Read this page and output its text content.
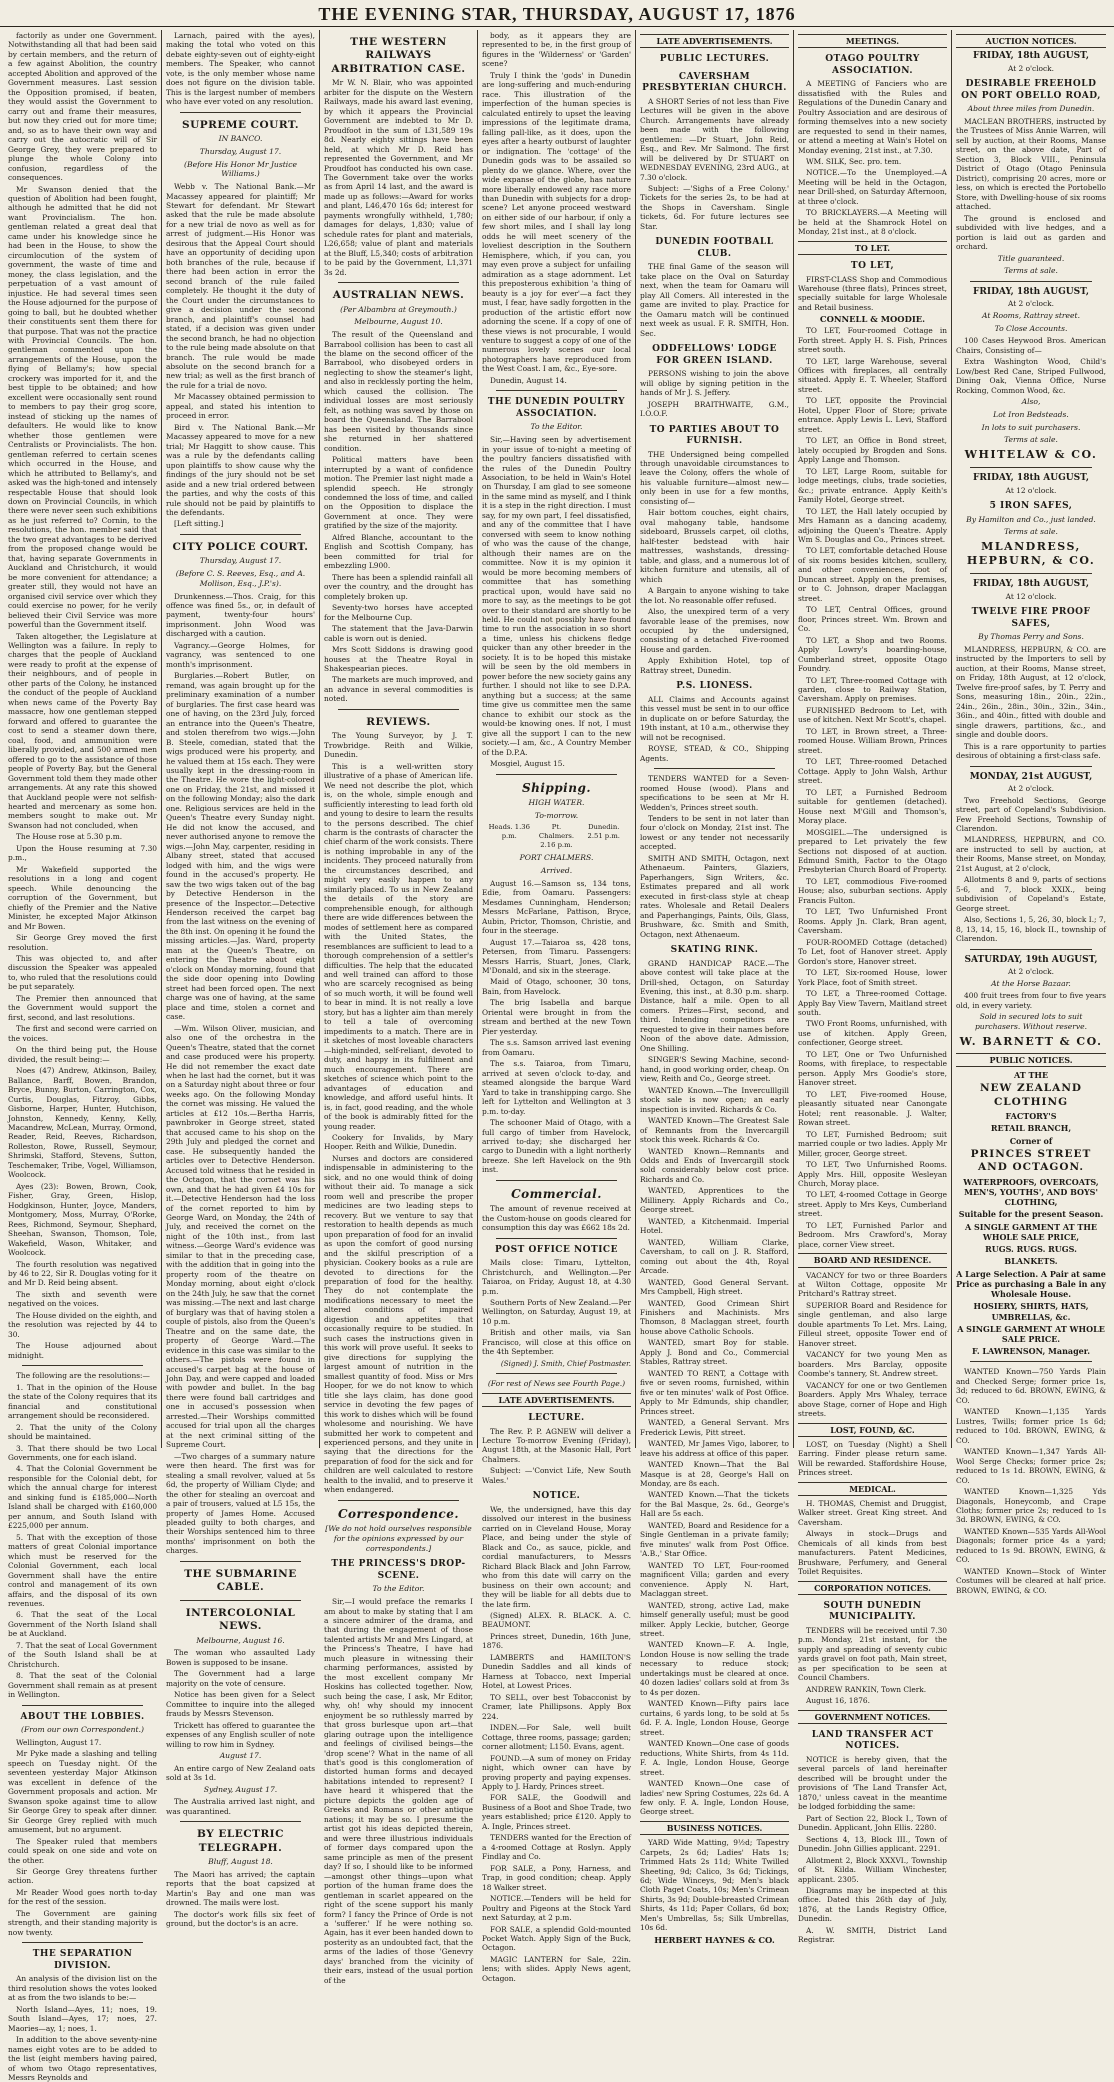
THE EVENING STAR, THURSDAY, AUGUST 17, 1876
factorily as under one Government. Notwithstanding all that had been said by certain members, and the return of a few against Abolition, the country accepted Abolition and approved of the Government measures. Last session the Opposition promised, if beaten, they would assist the Government to carry out and frame their measures, but now they cried out for more time; and, so as to have their own way and carry out the autocratic will of Sir George Grey, they were prepared to plunge the whole Colony into confusion, regardless of the consequences.
Mr Swanson denied that the question of Abolition had been fought, although he admitted that he did not want Provincialism. The hon. gentleman related a great deal that came under his knowledge since he had been in the House, to show the circumlocution of the system of government, the waste of time and money, the class legislation, and the perpetuation of a vast amount of injustice. He had several times seen the House adjourned for the purpose of going to ball, but he doubted whether their constituents sent them there for that purpose. That was not the practice with Provincial Councils. The hon. gentleman commented upon the arrangements of the House, upon the flying of Bellamy's; how special crockery was imported for it, and the best tipple to be obtained; and how excellent were occasionally sent round to members to pay their grog score, instead of sticking up the names of defaulters. He would like to know whether those gentlemen were Centralists or Provincialists. The hon. gentleman referred to certain scenes which occurred in the House, and which he attributed to Bellamy's, and asked was the high-toned and intensely respectable House that should look down on Provincial Councils, in which there were never seen such exhibitions as he just referred to? Cornin, to the resolutions, the hon. member said that the two great advantages to be derived from the proposed change would be that, having separate Governments in Auckland and Christchurch, it would be more convenient for attendance; a greater still, they would not have an organised civil service over which they could exercise no power, for he verily believed their Civil Service was more powerful than the Government itself.
Taken altogether, the Legislature at Wellington was a failure. In reply to charges that the people of Auckland were ready to profit at the expense of their neighbours, and of people in other parts of the Colony, he instanced the conduct of the people of Auckland when news came of the Poverty Bay massacre, how one gentleman stepped forward and offered to guarantee the cost to send a steamer down there, coal, food, and ammunition were liberally provided, and 500 armed men offered to go to the assistance of those people of Poverty Bay, but the General Government told them they made other arrangements. At any rate this showed that Auckland people were not selfish-hearted and mercenary as some hon. members sought to make out. Mr Swanson had not concluded, when
The House rose at 5.30 p.m.
Upon the House resuming at 7.30 p.m.,
Mr Wakefield supported the resolutions in a long and cogent speech. While denouncing the corruption of the Government, but chiefly of the Premier and the Native Minister, he excepted Major Atkinson and Mr Bowen.
Sir George Grey moved the first resolution.
This was objected to, and after discussion the Speaker was appealed to, who ruled that the resolutions could be put separately.
The Premier then announced that the Government would support the first, second, and last resolutions.
The first and second were carried on the voices.
On the third being put, the House divided, the result being:—
Noes (47) Andrew, Atkinson, Bailey, Ballance, Barff, Bowen, Brandon, Bryce, Bunny, Burton, Carrington, Cox, Curtis, Douglas, Fitzroy, Gibbs, Gisborne, Harper, Hunter, Hutchison, Johnston, Kennedy, Kenny, Kelly, Macandrew, McLean, Murray, Ormond, Reader, Reid, Reeves, Richardson, Rolleston, Rowe, Russell, Seymour, Shrimski, Stafford, Stevens, Sutton, Teschemaker, Tribe, Vogel, Williamson, Woolcock.
Ayes (23): Bowen, Brown, Cook, Fisher, Gray, Green, Hislop, Hodgkinson, Hunter, Joyce, Manders, Montgomery, Moss, Murray, O'Rorke, Rees, Richmond, Seymour, Shephard, Sheehan, Swanson, Thomson, Tole, Wakefield, Wason, Whitaker, and Woolcock.
The fourth resolution was negatived by 46 to 22, Sir R. Douglas voting for it and Mr D. Reid being absent.
The sixth and seventh were negatived on the voices.
The House divided on the eighth, and the resolution was rejected by 44 to 30.
The House adjourned about midnight.
The following are the resolutions:—
1. That in the opinion of the House the state of the Colony requires that its financial and constitutional arrangement should be reconsidered.
2. That the unity of the Colony should be maintained.
3. That there should be two Local Governments, one for each island.
4. That the Colonial Government be responsible for the Colonial debt, for which the annual charge for interest and sinking fund is £185,000—North Island shall be charged with £160,000 per annum, and South Island with £225,000 per annum.
5. That with the exception of those matters of great Colonial importance which must be reserved for the Colonial Government, each local Government shall have the entire control and management of its own affairs, and the disposal of its own revenues.
6. That the seat of the Local Government of the North Island shall be at Auckland.
7. That the seat of Local Government of the South Island shall be at Christchurch.
8. That the seat of the Colonial Government shall remain as at present in Wellington.
ABOUT THE LOBBIES.
(From our own Correspondent.)
Wellington, August 17.
Mr Pyke made a slashing and telling speech on Tuesday night. Of the seventeen yesterday Major Atkinson was excellent in defence of the Government proposals and action. Mr Swanson spoke against time to allow Sir George Grey to speak after dinner. Sir George Grey replied with much amusement, but no argument.
The Speaker ruled that members could speak on one side and vote on the other.
Sir George Grey threatens further action.
Mr Reader Wood goes north to-day for the rest of the session.
The Government are gaining strength, and their standing majority is now twenty.
THE SEPARATION DIVISION.
An analysis of the division list on the third resolution shows the votes looked at as from the two islands to be:—
North Island—Ayes, 11; noes, 19. South Island—Ayes, 17; noes, 27. Maories—ay, 1; noes, 1.
In addition to the above seventy-nine names eight votes are to be added to the list (eight members having paired, of whom two Otago representatives, Messrs Reynolds and
Larnach, paired with the ayes), making the total who voted on this debate eighty-seven out of eighty-eight members. The Speaker, who cannot vote, is the only member whose name does not figure on the division table. This is the largest number of members who have ever voted on any resolution.
SUPREME COURT.
IN BANCO.
Thursday, August 17.
(Before His Honor Mr Justice Williams.)
Webb v. The National Bank.—Mr Macassey appeared for plaintiff; Mr Stewart for defendant. Mr Stewart asked that the rule be made absolute for a new trial de novo as well as for arrest of judgment.—His Honor was desirous that the Appeal Court should have an opportunity of deciding upon both branches of the rule, because if there had been action in error the second branch of the rule failed completely. He thought it the duty of the Court under the circumstances to give a decision under the second branch, and plaintiff's counsel had stated, if a decision was given under the second branch, he had no objection to the rule being made absolute on that branch. The rule would be made absolute on the second branch for a new trial; as well as the first branch of the rule for a trial de novo.
Mr Macassey obtained permission to appeal, and stated his intention to proceed in error.
Bird v. The National Bank.—Mr Macassey appeared to move for a new trial; Mr Haggitt to show cause. This was a rule by the defendants calling upon plaintiffs to show cause why the findings of the jury should not be set aside and a new trial ordered between the parties, and why the costs of this rule should not be paid by plaintiffs to the defendants.
[Left sitting.]
CITY POLICE COURT.
Thursday, August 17.
(Before C. S. Reeves, Esq., and A. Mollison, Esq., J.P.'s).
Drunkenness.—Thos. Craig, for this offence was fined 5s., or, in default of payment, twenty-four hours' imprisonment. John Wood was discharged with a caution.
Vagrancy.—George Holmes, for vagrancy, was sentenced to one month's imprisonment.
Burglaries.—Robert Butler, on remand, was again brought up for the preliminary examination of a number of burglaries. The first case heard was one of having, on the 23rd July, forced an entrance into the Queen's Theatre, and stolen therefrom two wigs.—John B. Steele, comedian, stated that the wigs produced were his property, and he valued them at 15s each. They were usually kept in the dressing-room in the Theatre. He wore the light-colored one on Friday, the 21st, and missed it on the following Monday; also the dark one. Religious services are held in the Queen's Theatre every Sunday night. He did not know the accused, and never authorised anyone to remove the wigs.—John May, carpenter, residing in Albany street, stated that accused lodged with him, and the wigs were found in the accused's property. He saw the two wigs taken out of the bag by Detective Henderson in the presence of the Inspector.—Detective Henderson received the carpet bag from the last witness on the evening of the 8th inst. On opening it he found the missing articles.—Jas. Ward, property man at the Queen's Theatre, on entering the Theatre about eight o'clock on Monday morning, found that the side door opening into Dowling street had been forced open. The next charge was one of having, at the same place and time, stolen a cornet and case.
—Wm. Wilson Oliver, musician, and also one of the orchestra in the Queen's Theatre, stated that the cornet and case produced were his property. He did not remember the exact date when he last had the cornet, but it was on a Saturday night about three or four weeks ago. On the following Monday the cornet was missing. He valued the articles at £12 10s.—Bertha Harris, pawnbroker in George street, stated that accused came to his shop on the 29th July and pledged the cornet and case. He subsequently handed the articles over to Detective Henderson. Accused told witness that he resided in the Octagon, that the cornet was his own, and that he had given £4 10s for it.—Detective Henderson had the loss of the cornet reported to him by George Ward, on Monday, the 24th of July, and received the cornet on the night of the 10th inst., from last witness.—George Ward's evidence was similar to that in the preceding case, with the addition that in going into the property room of the theatre on Monday morning, about eight o'clock on the 24th July, he saw that the cornet was missing.—The next and last charge of burglary was that of having stolen a couple of pistols, also from the Queen's Theatre and on the same date, the property of George Ward.—The evidence in this case was similar to the others.—The pistols were found in accused's carpet bag at the house of John Day, and were capped and loaded with powder and bullet. In the bag there were found ball cartridges and one in accused's possession when arrested.—Their Worships committed accused for trial upon all the charges at the next criminal sitting of the Supreme Court.
—Two charges of a summary nature were then heard. The first was for stealing a small revolver, valued at 5s 6d, the property of William Clyde; and the other for stealing an overcoat and a pair of trousers, valued at L5 15s, the property of James Home. Accused pleaded guilty to both charges, and their Worships sentenced him to three months' imprisonment on both the charges.
THE SUBMARINE CABLE.
INTERCOLONIAL NEWS.
Melbourne, August 16.
The woman who assaulted Lady Bowen is supposed to be insane.
The Government had a large majority on the vote of censure.
Notice has been given for a Select Committee to inquire into the alleged frauds by Messrs Stevenson.
Trickett has offered to guarantee the expenses of any English sculler of note willing to row him in Sydney.
August 17.
An entire cargo of New Zealand oats sold at 3s 1d.
Sydney, August 17.
The Australia arrived last night, and was quarantined.
BY ELECTRIC TELEGRAPH.
Bluff, August 18.
The Maori has arrived; the captain reports that the boat capsized at Martin's Bay and one man was drowned. The mails were lost.
The doctor's work fills six feet of ground, but the doctor's is an acre.
THE WESTERN RAILWAYS ARBITRATION CASE.
Mr W. N. Blair, who was appointed arbiter for the dispute on the Western Railways, made his award last evening, by which it appears the Provincial Government are indebted to Mr D. Proudfoot in the sum of L31,589 19s 8d. Nearly eighty sittings have been held, at which Mr D. Reid has represented the Government, and Mr Proudfoot has conducted his own case. The Government take over the works as from April 14 last, and the award is made up as follows:—Award for works and plant, L46,470 16s 6d; interest for payments wrongfully withheld, 1,780; damages for delays, 1,830; value of schedule rates for plant and materials, L26,658; value of plant and materials at the Bluff, L5,340; costs of arbitration to be paid by the Government, L1,371 3s 2d.
AUSTRALIAN NEWS.
(Per Albambra at Greymouth.)
Melbourne, August 10.
The result of the Queensland and Barrabool collision has been to cast all the blame on the second officer of the Barrabool, who disobeyed orders in neglecting to show the steamer's light, and also in recklessly porting the helm, which caused the collision. The individual losses are most seriously felt, as nothing was saved by those on board the Queensland. The Barrabool has been visited by thousands since she returned in her shattered condition.
Political matters have been interrupted by a want of confidence motion. The Premier last night made a splendid speech. He strongly condemned the loss of time, and called on the Opposition to displace the Government at once. They were gratified by the size of the majority.
Alfred Blanche, accountant to the English and Scottish Company, has been committed for trial for embezzling L900.
There has been a splendid rainfall all over the country, and the drought has completely broken up.
Seventy-two horses have accepted for the Melbourne Cup.
The statement that the Java-Darwin cable is worn out is denied.
Mrs Scott Siddons is drawing good houses at the Theatre Royal in Shakespearian pieces.
The markets are much improved, and an advance in several commodities is noted.
REVIEWS.
The Young Surveyor, by J. T. Trowbridge. Reith and Wilkie, Dunedin.
This is a well-written story illustrative of a phase of American life. We need not describe the plot, which is, on the whole, simple enough and sufficiently interesting to lead forth old and young to desire to learn the results to the persons described. The chief charm is the contrasts of character the chief charm of the work consists. There is nothing improbable in any of the incidents. They proceed naturally from the circumstances described, and might very easily happen to any similarly placed. To us in New Zealand the details of the story are comprehensible enough, for although there are wide differences between the modes of settlement here as compared with the United States, the resemblances are sufficient to lead to a thorough comprehension of a settler's difficulties. The help that the educated and well trained can afford to those who are scarcely recognised as being of so much worth, it will be found well to bear in mind. It is not really a love story, but has a lighter aim than merely to tell a tale of overcoming impediments to a match. There are in it sketches of most loveable characters—high-minded, self-reliant, devoted to duty, and happy in its fulfilment and much encouragement. There are sketches of science which point to the advantages of education and knowledge, and afford useful hints. It is, in fact, good reading, and the whole of the book is admirably fitted for the young reader.
Cookery for Invalids, by Mary Hooper. Reith and Wilkie, Dunedin.
Nurses and doctors are considered indispensable in administering to the sick, and no one would think of doing without their aid. To manage a sick room well and prescribe the proper medicines are two leading steps to recovery. But we venture to say that restoration to health depends as much upon preparation of food for an invalid as upon the comfort of good nursing and the skilful prescription of a physician. Cookery books as a rule are devoted to directions for the preparation of food for the healthy. They do not contemplate the modifications necessary to meet the altered conditions of impaired digestion and appetites that occasionally require to be studied. In such cases the instructions given in this work will prove useful. It seeks to give directions for supplying the largest amount of nutrition in the smallest quantity of food. Miss or Mrs Hooper, for we do not know to which title she lays claim, has done good service in devoting the few pages of this work to dishes which will be found wholesome and nourishing. We have submitted her work to competent and experienced persons, and they unite in saying that the directions for the preparation of food for the sick and for children are well calculated to restore health to the invalid, and to preserve it when endangered.
Correspondence.
[We do not hold ourselves responsible for the opinions expressed by our correspondents.]
THE PRINCESS'S DROP-SCENE.
To the Editor.
Sir,—I would preface the remarks I am about to make by stating that I am a sincere admirer of the drama, and that during the engagement of those talented artists Mr and Mrs Lingard, at the Princess's Theatre, I have had much pleasure in witnessing their charming performances, assisted by the most excellent company Mr Hoskins has collected together. Now, such being the case, I ask, Mr Editor, why, oh! why should my innocent enjoyment be so ruthlessly marred by that gross burlesque upon art—that glaring outrage upon the intelligence and feelings of civilised beings—the 'drop scene'? What in the name of all that's good is this conglomeration of distorted human forms and decayed habitations intended to represent? I have heard it whispered that the picture depicts the golden age of Greeks and Romans or other antique nations; it may be so. I presume the artist got his ideas depicted therein, and were three illustrious individuals of former days compared upon the same principle as men of the present day? If so, I should like to be informed—amongst other things—upon what portion of the human frame does the gentleman in scarlet appeared on the right of the scene support his manly form? I fancy the Prince of Orde is not a 'sufferer.' If he were nothing so. Again, has it ever been handed down to posterity as an undoubted fact, that the arms of the ladies of those 'Genevry days' branched from the vicinity of their ears, instead of the usual portion of the
body, as it appears they are represented to be, in the first group of figures in the 'Wilderness' or 'Garden' scene?
Truly I think the 'gods' in Dunedin are long-suffering and much-enduring race. This illustration of the imperfection of the human species is calculated entirely to upset the leaving impressions of the legitimate drama, falling pall-like, as it does, upon the eyes after a hearty outburst of laughter or indignation. The 'cottage' of the Dunedin gods was to be assailed so plenty do we glance. Where, over the wide expanse of the globe, has nature more liberally endowed any race more than Dunedin with subjects for a drop-scene? Let anyone proceed westward on either side of our harbour, if only a few short miles, and I shall lay long odds he will meet scenery of the loveliest description in the Southern Hemisphere, which, if you can, you may even prove a subject for unfailing admiration as a stage adornment. Let this preposterous exhibition 'a thing of beauty is a joy for ever'—a fact they must, I fear, have sadly forgotten in the production of the artistic effort now adorning the scene. If a copy of one of these views is not procurable, I would venture to suggest a copy of one of the numerous lovely scenes our local photographers have reproduced from the West Coast. I am, &c., Eye-sore.
Dunedin, August 14.
THE DUNEDIN POULTRY ASSOCIATION.
To the Editor.
Sir,—Having seen by advertisement in your issue of to-night a meeting of the poultry fanciers dissatisfied with the rules of the Dunedin Poultry Association, to be held in Wain's Hotel on Thursday, I am glad to see someone in the same mind as myself, and I think it is a step in the right direction. I must say, for my own part, I feel dissatisfied, and any of the committee that I have conversed with seem to know nothing of who was the cause of the change, although their names are on the committee. Now it is my opinion it would be more becoming members of committee that has something practical upon, would have said no more to say, as the meetings to be got over to their standard are shortly to be held. He could not possibly have found time to run the association in so short a time, unless his chickens fledge quicker than any other breeder in the society. It is to be hoped this mistake will be seen by the old members in power before the new society gains any further. I should not like to see D.P.A. anything but a success; at the same time give us committee men the same chance to exhibit our stock as the would-be knowing ones. If not, I must give all the support I can to the new society.—I am, &c., A Country Member of the D.P.A.
Mosgiel, August 15.
Shipping.
HIGH WATER.
To-morrow.
Heads. 1.36 p.m.
Pt. Chalmers. 2.16 p.m.
Dunedin. 2.51 p.m.
PORT CHALMERS.
Arrived.
August 16.—Samson ss, 134 tons, Edie, from Oamaru. Passengers: Mesdames Cunningham, Henderson; Messrs McFarlane, Pattison, Bryce, Aubin, Prictor, Thomson, Christie, and four in the steerage.
August 17.—Taiaroa ss, 428 tons, Petersen, from Timaru. Passengers: Messrs Harris, Stuart, Jones, Clark, M'Donald, and six in the steerage.
Maid of Otago, schooner, 30 tons, Bain, from Havelock.
The brig Isabella and barque Oriental were brought in from the stream and berthed at the new Town Pier yesterday.
The s.s. Samson arrived last evening from Oamaru.
The s.s. Taiaroa, from Timaru, arrived at seven o'clock to-day, and steamed alongside the barque Ward Yard to take in transhipping cargo. She left for Lyttelton and Wellington at 3 p.m. to-day.
The schooner Maid of Otago, with a full cargo of timber from Havelock, arrived to-day; she discharged her cargo to Dunedin with a light northerly breeze. She left Havelock on the 9th inst.
Commercial.
The amount of revenue received at the Custom-house on goods cleared for consumption this day was £662 18s 2d.
POST OFFICE NOTICE
Mails close: Timaru, Lyttelton, Christchurch, and Wellington.—Per Taiaroa, on Friday, August 18, at 4.30 p.m.
Southern Ports of New Zealand.—Per Wellington, on Saturday, August 19, at 10 p.m.
British and other mails, via San Francisco, will close at this office on the 4th September.
(Signed) J. Smith, Chief Postmaster.
(For rest of News see Fourth Page.)
LATE ADVERTISEMENTS.
LECTURE.
The Rev. P. P. AGNEW will deliver a Lecture To-morrow Evening (Friday), August 18th, at the Masonic Hall, Port Chalmers.
Subject: —'Convict Life, New South Wales.'
NOTICE.
We, the undersigned, have this day dissolved our interest in the business carried on in Cleveland House, Moray Place, and being under the style of Black and Co., as sauce, pickle, and cordial manufacturers, to Messrs Richard Black Black and John Farrow, who from this date will carry on the business on their own account; and they will be liable for all debts due to the late firm.
(Signed) ALEX. R. BLACK. A. C. BEAUMONT.
Princes street, Dunedin, 16th June, 1876.
LAMBERTS and HAMILTON'S Dunedin Saddles and all kinds of Harness at Tobacco, next Imperial Hotel, at Lowest Prices.
TO SELL, over best Tobacconist by Cramer, late Phillipsons. Apply Box 224.
INDEN.—For Sale, well built Cottage, three rooms, passage; garden; corner allotment; L150. Evans, agent.
FOUND.—A sum of money on Friday night, which owner can have by proving property and paying expenses. Apply to J. Hardy, Princes street.
FOR SALE, the Goodwill and Business of a Boot and Shoe Trade, two years established; price £120. Apply to A. Ingle, Princes street.
TENDERS wanted for the Erection of a 4-roomed Cottage at Roslyn. Apply Findlay and Co.
FOR SALE, a Pony, Harness, and Trap, in good condition; cheap. Apply 18 Walker street.
NOTICE.—Tenders will be held for Poultry and Pigeons at the Stock Yard next Saturday, at 2 p.m.
FOR SALE, a splendid Gold-mounted Pocket Watch. Apply Sign of the Buck, Octagon.
MAGIC LANTERN for Sale, 22in. lens; with slides. Apply News agent, Octagon.
LATE ADVERTISEMENTS.
PUBLIC LECTURES.
CAVERSHAM PRESBYTERIAN CHURCH.
A SHORT Series of not less than Five Lectures will be given in the above Church. Arrangements have already been made with the following gentlemen: —Dr Stuart, John Reid, Esq., and Rev. Mr Salmond. The first will be delivered by Dr STUART on WEDNESDAY EVENING, 23rd AUG., at 7.30 o'clock.
Subject: —'Sighs of a Free Colony.' Tickets for the series 2s, to be had at the Shops in Caversham. Single tickets, 6d. For future lectures see Star.
DUNEDIN FOOTBALL CLUB.
THE final Game of the season will take place on the Oval on Saturday next, when the team for Oamaru will play All Comers. All interested in the game are invited to play. Practice for the Oamaru match will be continued next week as usual. F. R. SMITH, Hon. Sec.
ODDFELLOWS' LODGE FOR GREEN ISLAND.
PERSONS wishing to join the above will oblige by signing petition in the hands of Mr J. S. Jeffery.
JOSEPH BRAITHWAITE, G.M., I.O.O.F.
TO PARTIES ABOUT TO FURNISH.
THE Undersigned being compelled through unavoidable circumstances to leave the Colony, offers the whole of his valuable furniture—almost new—only been in use for a few months, consisting of—
Hair bottom couches, eight chairs, oval mahogany table, handsome sideboard, Brussels carpet, oil cloths, half-tester bedstead with hair mattresses, washstands, dressing-table, and glass, and a numerous lot of kitchen furniture and utensils, all of which
A Bargain to anyone wishing to take the lot. No reasonable offer refused.
Also, the unexpired term of a very favorable lease of the premises, now occupied by the undersigned, consisting of a detached Five-roomed House and garden.
Apply Exhibition Hotel, top of Rattray street, Dunedin.
P.S. LIONESS.
ALL Claims and Accounts against this vessel must be sent in to our office in duplicate on or before Saturday, the 19th instant, at 10 a.m., otherwise they will not be recognised.
ROYSE, STEAD, & CO., Shipping Agents.
TENDERS WANTED for a Seven-roomed House (wood). Plans and specifications to be seen at Mr H. Wedden's, Princes street south.
Tenders to be sent in not later than four o'clock on Monday, 21st inst. The lowest or any tender not necessarily accepted.
SMITH AND SMITH, Octagon, next Athenaeum. Painters, Glaziers, Paperhangers, Sign Writers, &c. Estimates prepared and all work executed in first-class style at cheap rates. Wholesale and Retail Dealers and Paperhangings, Paints, Oils, Glass, Brushware, &c. Smith and Smith, Octagon, next Athenaeum.
SKATING RINK.
GRAND HANDICAP RACE.—The above contest will take place at the Drill-shed, Octagon, on Saturday Evening, this inst., at 8.30 p.m. sharp. Distance, half a mile. Open to all comers. Prizes—First, second, and third. Intending competitors are requested to give in their names before Noon of the above date. Admission, One Shilling.
SINGER'S Sewing Machine, second-hand, in good working order, cheap. On view, Reith and Co., George street.
WANTED Known.—The Inverculllgill stock sale is now open; an early inspection is invited. Richards & Co.
WANTED Known—The Greatest Sale of Remnants from the Invercargill stock this week. Richards & Co.
WANTED Known—Remnants and Odds and Ends of Invercargill stock sold considerably below cost price. Richards and Co.
WANTED, Apprentices to the Millinery. Apply Richards and Co., George street.
WANTED, a Kitchenmaid. Imperial Hotel.
WANTED, William Clarke, Caversham, to call on J. R. Stafford, coming out about the 4th, Royal Arcade.
WANTED, Good General Servant. Mrs Campbell, High street.
WANTED, Good Crimean Shirt Finishers and Machinists. Mrs Thomson, 8 Maclaggan street, fourth house above Catholic Schools.
WANTED, smart Boy for stable. Apply J. Bond and Co., Commercial Stables, Rattray street.
WANTED TO RENT, a Cottage with five or seven rooms, furnished, within five or ten minutes' walk of Post Office. Apply to Mr Edmunds, ship chandler, Princes street.
WANTED, a General Servant. Mrs Frederick Lewis, Pitt street.
WANTED, Mr James Vigo, laborer, to leave his address at office of this paper.
WANTED Known—That the Bal Masque is at 28, George's Hall on Monday, are 8s each.
WANTED Known.—That the tickets for the Bal Masque, 2s. 6d., George's Hall are 5s each.
WANTED, Board and Residence for a Single Gentleman in a private family; five minutes' walk from Post Office. 'A.B.,' Star Office.
WANTED TO LET, Four-roomed magnificent Villa; garden and every convenience. Apply N. Hart, Maclaggan street.
WANTED, strong, active Lad, make himself generally useful; must be good milker. Apply Leckie, butcher, George street.
WANTED Known—F. A. Ingle, London House is now selling the trade necessary to reduce stock; undertakings must be cleared at once. 40 dozen ladies' collars sold at from 3s to 4s per dozen.
WANTED Known—Fifty pairs lace curtains, 6 yards long, to be sold at 5s 6d. F. A. Ingle, London House, George street.
WANTED Known—One case of goods reductions, White Shirts, from 4s 11d. F. A. Ingle, London House, George street.
WANTED Known—One case of ladies' new Spring Costumes, 22s 6d. A few only. F. A. Ingle, London House, George street.
BUSINESS NOTICES.
YARD Wide Matting, 9½d; Tapestry Carpets, 2s 6d; Ladies' Hats 1s; Trimmed Hats 2s 11d; White Twilled Sheeting, 9d; Calico, 3s 6d; Tickings, 6d; Wide Winceys, 9d; Men's black Cloth Paget Coats, 10s; Men's Crimean Shirts, 3s 9d; Double-breasted Crimean Shirts, 4s 11d; Paper Collars, 6d box; Men's Umbrellas, 5s; Silk Umbrellas, 10s 6d.
HERBERT HAYNES & CO.
MEETINGS.
OTAGO POULTRY ASSOCIATION.
A MEETING of Fanciers who are dissatisfied with the Rules and Regulations of the Dunedin Canary and Poultry Association and are desirous of forming themselves into a new society are requested to send in their names, or attend a meeting at Wain's Hotel on Monday evening, 21st inst., at 7.30.
WM. SILK, Sec. pro. tem.
NOTICE.—To the Unemployed.—A Meeting will be held in the Octagon, near Drill-shed, on Saturday Afternoon, at three o'clock.
TO BRICKLAYERS.—A Meeting will be held at the Shamrock Hotel on Monday, 21st inst., at 8 o'clock.
TO LET.
TO LET,
FIRST-CLASS Shop and Commodious Warehouse (three flats), Princes street, specially suitable for large Wholesale and Retail business.
CONNELL & MOODIE.
TO LET, Four-roomed Cottage in Forth street. Apply H. S. Fish, Princes street south.
TO LET, large Warehouse, several Offices with fireplaces, all centrally situated. Apply E. T. Wheeler, Stafford street.
TO LET, opposite the Provincial Hotel, Upper Floor of Store; private entrance. Apply Lewis L. Levi, Stafford street.
TO LET, an Office in Bond street, lately occupied by Brogden and Sons. Apply Lange and Thomson.
TO LET, Large Room, suitable for lodge meetings, clubs, trade societies, &c.; private entrance. Apply Keith's Family Hotel, George street.
TO LET, the Hall lately occupied by Mrs Hamann as a dancing academy, adjoining the Queen's Theatre. Apply Wm S. Douglas and Co., Princes street.
TO LET, comfortable detached House of six rooms besides kitchen, scullery, and other conveniences, foot of Duncan street. Apply on the premises, or to C. Johnson, draper Maclaggan street.
TO LET, Central Offices, ground floor, Princes street. Wm. Brown and Co.
TO LET, a Shop and two Rooms. Apply Lowry's boarding-house, Cumberland street, opposite Otago Foundry.
TO LET, Three-roomed Cottage with garden, close to Railway Station, Caversham. Apply on premises.
FURNISHED Bedroom to Let, with use of kitchen. Next Mr Scott's, chapel.
TO LET, in Brown street, a Three-roomed House. William Brown, Princes street.
TO LET, Three-roomed Detached Cottage. Apply to John Walsh, Arthur street.
TO LET, a Furnished Bedroom suitable for gentlemen (detached). House next M'Gill and Thomson's, Moray place.
MOSGIEL.—The undersigned is prepared to Let privately the few Sections not disposed of at auction. Edmund Smith, Factor to the Otago Presbyterian Church Board of Property.
TO LET, commodious Five-roomed House; also, suburban sections. Apply Francis Fulton.
TO LET, Two Unfurnished Front Rooms. Apply Jn. Clark, Bran agent, Caversham.
FOUR-ROOMED Cottage (detached) To Let, foot of Hanover street. Apply Gordon's store, Hanover street.
TO LET, Six-roomed House, lower York Place, foot of Smith street.
TO LET, a Three-roomed Cottage. Apply Bay View Tavern, Maitland street south.
TWO Front Rooms, unfurnished, with use of kitchen. Apply Green, confectioner, George street.
TO LET, One or Two Unfurnished Rooms, with fireplace, to respectable person. Apply Mrs Goodie's store, Hanover street.
TO LET, Five-roomed House, pleasantly situated near Canongate Hotel; rent reasonable. J. Walter, Rowan street.
TO LET, Furnished Bedroom; suit married couple or two ladies. Apply Mr Miller, grocer, George street.
TO LET, Two Unfurnished Rooms. Apply Mrs. Hill, opposite Wesleyan Church, Moray place.
TO LET, 4-roomed Cottage in George street. Apply to Mrs Keys, Cumberland street.
TO LET, Furnished Parlor and Bedroom. Mrs Crawford's, Moray place, corner View street.
BOARD AND RESIDENCE.
VACANCY for two or three Boarders at Wilton Cottage, opposite Mr Pritchard's Rattray street.
SUPERIOR Board and Residence for single gentleman, and also large double apartments To Let. Mrs. Laing, Filleul street, opposite Tower end of Hanover street.
VACANCY for two young Men as boarders. Mrs Barclay, opposite Coombe's tannery, St. Andrew street.
VACANCY for one or two Gentlemen Boarders. Apply Mrs Whaley, terrace above Stage, corner of Hope and High streets.
LOST, FOUND, &C.
LOST, on Tuesday (Night) a Shell Earring. Finder please return same. Will be rewarded. Staffordshire House, Princes street.
MEDICAL.
H. THOMAS, Chemist and Druggist, Walker street. Great King street. And Caversham.
Always in stock—Drugs and Chemicals of all kinds from best manufacturers. Patent Medicines, Brushware, Perfumery, and General Toilet Requisites.
CORPORATION NOTICES.
SOUTH DUNEDIN MUNICIPALITY.
TENDERS will be received until 7.30 p.m. Monday, 21st instant, for the supply and spreading of seventy cubic yards gravel on foot path, Main street, as per specification to be seen at Council Chambers.
ANDREW RANKIN, Town Clerk.
August 16, 1876.
GOVERNMENT NOTICES.
LAND TRANSFER ACT NOTICES.
NOTICE is hereby given, that the several parcels of land hereinafter described will be brought under the provisions of 'The Land Transfer Act, 1870,' unless caveat in the meantime be lodged forbidding the same:
Part of Section 22, Block I., Town of Dunedin. Applicant, John Ellis. 2280.
Sections 4, 13, Block III., Town of Dunedin. John Gillies applicant. 2291.
Allotment 2, Block XXXVI., Township of St. Kilda. William Winchester, applicant. 2305.
Diagrams may be inspected at this office. Dated this 26th day of July, 1876, at the Lands Registry Office, Dunedin.
A. W. SMITH, District Land Registrar.
AUCTION NOTICES.
FRIDAY, 18th AUGUST,
At 2 o'clock.
DESIRABLE FREEHOLD ON PORT OBELLO ROAD,
About three miles from Dunedin.
MACLEAN BROTHERS, instructed by the Trustees of Miss Annie Warren, will sell by auction, at their Rooms, Manse street, on the above date, Part of Section 3, Block VIII., Peninsula District of Otago (Otago Peninsula District), comprising 20 acres, more or less, on which is erected the Portobello Store, with Dwelling-house of six rooms attached.
The ground is enclosed and subdivided with live hedges, and a portion is laid out as garden and orchard.
Title guaranteed.
Terms at sale.
FRIDAY, 18th AUGUST,
At 2 o'clock.
At Rooms, Rattray street.
To Close Accounts.
100 Cases Heywood Bros. American Chairs, Consisting of—
Extra Washington Wood, Child's Low/best Red Cane, Striped Fullwood, Dining Oak, Vienna Office, Nurse Rocking, Common Wood, &c.
Also,
Lot Iron Bedsteads.
In lots to suit purchasers.
Terms at sale.
WHITELAW & CO.
FRIDAY, 18th AUGUST,
At 12 o'clock.
5 IRON SAFES,
By Hamilton and Co., just landed.
Terms at sale.
MLANDRESS, HEPBURN, & CO.
FRIDAY, 18th AUGUST,
At 12 o'clock.
TWELVE FIRE PROOF SAFES,
By Thomas Perry and Sons.
MLANDRESS, HEPBURN, & CO. are instructed by the Importers to sell by auction, at their Rooms, Manse street, on Friday, 18th August, at 12 o'clock, Twelve fire-proof safes, by T. Perry and Sons, measuring 18in., 20in., 22in., 24in., 26in., 28in., 30in., 32in., 34in., 36in., and 40in., fitted with double and single drawers, partitions, &c., and single and double doors.
This is a rare opportunity to parties desirous of obtaining a first-class safe.
MONDAY, 21st AUGUST,
At 2 o'clock.
Two Freehold Sections, George street, part of Copeland's Subdivision. Few Freehold Sections, Township of Clarendon.
MLANDRESS, HEPBURN, and CO. are instructed to sell by auction, at their Rooms, Manse street, on Monday, 21st August, at 2 o'clock,
Allotments 8 and 9, parts of sections 5-6, and 7, block XXIX., being subdivision of Copeland's Estate, George street.
Also, Sections 1, 5, 26, 30, block I.; 7, 8, 13, 14, 15, 16, block II., township of Clarendon.
SATURDAY, 19th AUGUST,
At 2 o'clock.
At the Horse Bazaar.
400 fruit trees from four to five years old, in every variety.
Sold in secured lots to suit purchasers. Without reserve.
W. BARNETT & CO.
PUBLIC NOTICES.
AT THE
NEW ZEALAND CLOTHING
FACTORY'S
RETAIL BRANCH,
Corner of
PRINCES STREET AND OCTAGON.
WATERPROOFS, OVERCOATS, MEN'S, YOUTHS', AND BOYS' CLOTHING,
Suitable for the present Season.
A SINGLE GARMENT AT THE WHOLE SALE PRICE,
RUGS. RUGS. RUGS.
BLANKETS.
A Large Selection. A Pair at same Price as purchasing a Bale in any Wholesale House.
HOSIERY, SHIRTS, HATS, UMBRELLAS, &c.
A SINGLE GARMENT AT WHOLE SALE PRICE.
F. LAWRENSON, Manager.
WANTED Known—750 Yards Plain and Checked Serge; former price 1s, 3d; reduced to 6d. BROWN, EWING, & CO.
WANTED Known—1,135 Yards Lustres, Twills; former price 1s 6d; reduced to 10d. BROWN, EWING, & CO.
WANTED Known—1,347 Yards All-Wool Serge Checks; former price 2s; reduced to 1s 1d. BROWN, EWING, & CO.
WANTED Known—1,325 Yds Diagonals, Honeycomb, and Crape Cloths; former price 2s; reduced to 1s 3d. BROWN, EWING, & CO.
WANTED Known—535 Yards All-Wool Diagonals; former price 4s a yard; reduced to 1s 9d. BROWN, EWING, & CO.
WANTED Known—Stock of Winter Costumes will be cleared at half price. BROWN, EWING, & CO.
